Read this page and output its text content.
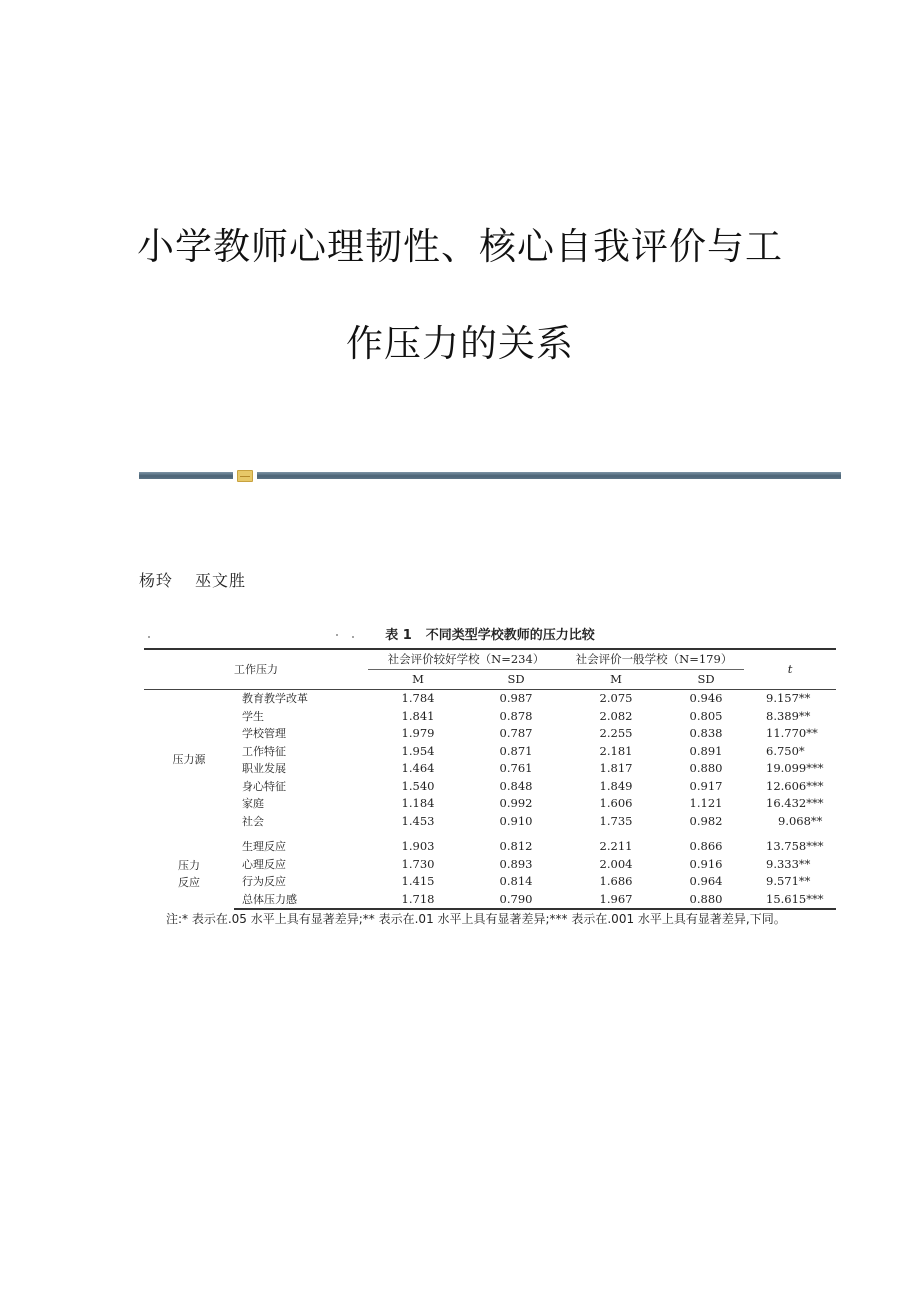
小学教师心理韧性、核心自我评价与工
作压力的关系
杨玲 巫文胜
表 1 不同类型学校教师的压力比较
工作压力		社会评价较好学校（N=234）		社会评价一般学校（N=179）		t
		M	SD	M	SD	
压力源	教育教学改革	1.784	0.987	2.075	0.946	9.157**
	学生	1.841	0.878	2.082	0.805	8.389**
	学校管理	1.979	0.787	2.255	0.838	11.770**
	工作特征	1.954	0.871	2.181	0.891	6.750*
	职业发展	1.464	0.761	1.817	0.880	19.099***
	身心特征	1.540	0.848	1.849	0.917	12.606***
	家庭	1.184	0.992	1.606	1.121	16.432***
	社会	1.453	0.910	1.735	0.982	9.068**

压力
反应	生理反应	1.903	0.812	2.211	0.866	13.758***
	心理反应	1.730	0.893	2.004	0.916	9.333**
	行为反应	1.415	0.814	1.686	0.964	9.571**
	总体压力感	1.718	0.790	1.967	0.880	15.615***
注:* 表示在.05 水平上具有显著差异;** 表示在.01 水平上具有显著差异;*** 表示在.001 水平上具有显著差异,下同。
